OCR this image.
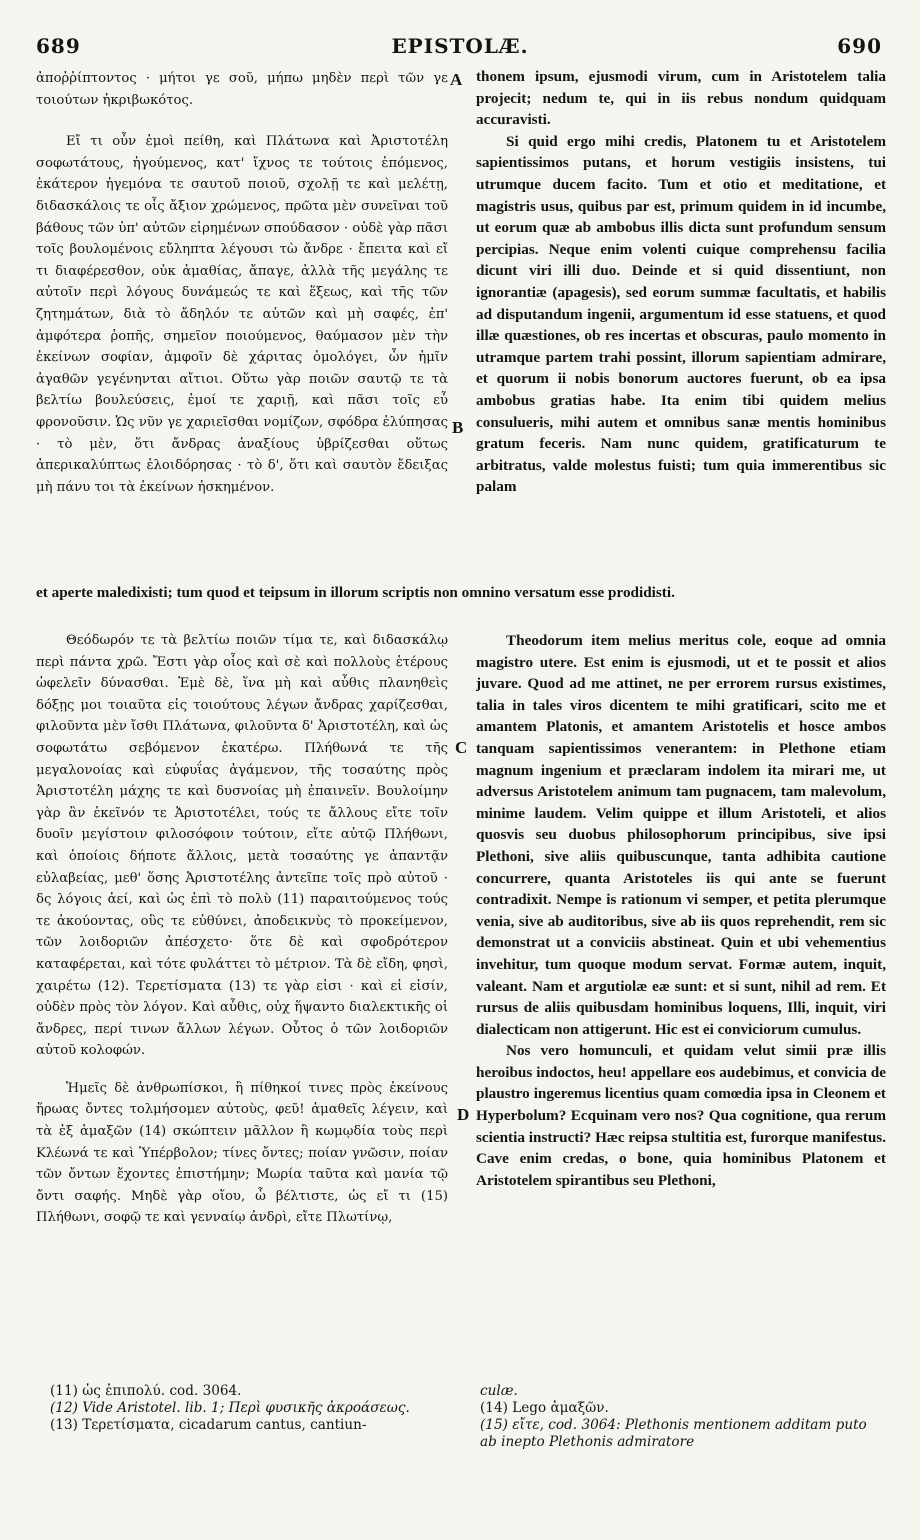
689	EPISTOLÆ.	690
A
B
C
D

ἀποῤῥίπτοντος · μήτοι γε σοῦ, μήπω μηδὲν περὶ τῶν γε τοιούτων ἠκριβωκότος.

Εἴ τι οὖν ἐμοὶ πείθη, καὶ Πλάτωνα καὶ Ἀριστοτέλη σοφωτάτους, ἡγούμενος, κατ' ἴχνος τε τούτοις ἑπόμενος, ἑκάτερον ἡγεμόνα τε σαυτοῦ ποιοῦ, σχολῇ τε καὶ μελέτῃ, διδασκάλοις τε οἷς ἄξιον χρώμενος, πρῶτα μὲν συνεῖναι τοῦ βάθους τῶν ὑπ' αὐτῶν εἰρημένων σπούδασον · οὐδὲ γὰρ πᾶσι τοῖς βουλομένοις εὔληπτα λέγουσι τὼ ἄνδρε · ἔπειτα καὶ εἴ τι διαφέρεσθον, οὐκ ἀμαθίας, ἄπαγε, ἀλλὰ τῆς μεγάλης τε αὐτοῖν περὶ λόγους δυνάμεώς τε καὶ ἕξεως, καὶ τῆς τῶν ζητημάτων, διὰ τὸ ἄδηλόν τε αὐτῶν καὶ μὴ σαφές, ἐπ' ἀμφότερα ῥοπῆς, σημεῖον ποιούμενος, θαύμασον μὲν τὴν ἐκείνων σοφίαν, ἀμφοῖν δὲ χάριτας ὁμολόγει, ὧν ἡμῖν ἀγαθῶν γεγένηνται αἴτιοι. Οὕτω γὰρ ποιῶν σαυτῷ τε τὰ βελτίω βουλεύσεις, ἐμοί τε χαριῇ, καὶ πᾶσι τοῖς εὖ φρονοῦσιν. Ὡς νῦν γε χαριεῖσθαι νομίζων, σφόδρα ἐλύπησας · τὸ μὲν, ὅτι ἄνδρας ἀναξίους ὑβρίζεσθαι οὕτως ἀπερικαλύπτως ἐλοιδόρησας · τὸ δ', ὅτι καὶ σαυτὸν ἔδειξας μὴ πάνυ τοι τὰ ἐκείνων ἠσκημένον.

thonem ipsum, ejusmodi virum, cum in Aristotelem talia projecit; nedum te, qui in iis rebus nondum quidquam accuravisti.

Si quid ergo mihi credis, Platonem tu et Aristotelem sapientissimos putans, et horum vestigiis insistens, tui utrumque ducem facito. Tum et otio et meditatione, et magistris usus, quibus par est, primum quidem in id incumbe, ut eorum quæ ab ambobus illis dicta sunt profundum sensum percipias. Neque enim volenti cuique comprehensu facilia dicunt viri illi duo. Deinde et si quid dissentiunt, non ignorantiæ (apagesis), sed eorum summæ facultatis, et habilis ad disputandum ingenii, argumentum id esse statuens, et quod illæ quæstiones, ob res incertas et obscuras, paulo momento in utramque partem trahi possint, illorum sapientiam admirare, et quorum ii nobis bonorum auctores fuerunt, ob ea ipsa ambobus gratias habe. Ita enim tibi quidem melius consulueris, mihi autem et omnibus sanæ mentis hominibus gratum feceris. Nam nunc quidem, gratificaturum te arbitratus, valde molestus fuisti; tum quia immerentibus sic palam

et aperte maledixisti; tum quod et teipsum in illorum scriptis non omnino versatum esse prodidisti.

Θεόδωρόν τε τὰ βελτίω ποιῶν τίμα τε, καὶ διδασκάλῳ περὶ πάντα χρῶ. Ἔστι γὰρ οἷος καὶ σὲ καὶ πολλοὺς ἑτέρους ὠφελεῖν δύνασθαι. Ἐμὲ δὲ, ἵνα μὴ καὶ αὖθις πλανηθεὶς δόξῃς μοι τοιαῦτα εἰς τοιούτους λέγων ἄνδρας χαρίζεσθαι, φιλοῦντα μὲν ἴσθι Πλάτωνα, φιλοῦντα δ' Ἀριστοτέλη, καὶ ὡς σοφωτάτω σεβόμενον ἑκατέρω. Πλήθωνά τε τῆς μεγαλονοίας καὶ εὐφυΐας ἀγάμενον, τῆς τοσαύτης πρὸς Ἀριστοτέλη μάχης τε καὶ δυσνοίας μὴ ἐπαινεῖν. Βουλοίμην γὰρ ἂν ἐκεῖνόν τε Ἀριστοτέλει, τούς τε ἄλλους εἴτε τοῖν δυοῖν μεγίστοιν φιλοσόφοιν τούτοιν, εἴτε αὐτῷ Πλήθωνι, καὶ ὁποίοις δήποτε ἄλλοις, μετὰ τοσαύτης γε ἀπαντᾷν εὐλαβείας, μεθ' ὅσης Ἀριστοτέλης ἀντεῖπε τοῖς πρὸ αὐτοῦ · δς λόγοις ἀεί, καὶ ὡς ἐπὶ τὸ πολὺ (11) παραιτούμενος τούς τε ἀκούοντας, οὓς τε εὐθύνει, ἀποδεικνὺς τὸ προκείμενον, τῶν λοιδοριῶν ἀπέσχετο· ὅτε δὲ καὶ σφοδρότερον καταφέρεται, καὶ τότε φυλάττει τὸ μέτριον. Τὰ δὲ εἴδη, φησὶ, χαιρέτω (12). Τερετίσματα (13) τε γὰρ εἰσι · καὶ εἰ εἰσίν, οὐδὲν πρὸς τὸν λόγον. Καὶ αὖθις, οὐχ ἥψαντο διαλεκτικῆς οἱ ἄνδρες, περί τινων ἄλλων λέγων. Οὗτος ὁ τῶν λοιδοριῶν αὐτοῦ κολοφών.

Ἡμεῖς δὲ ἀνθρωπίσκοι, ἢ πίθηκοί τινες πρὸς ἐκείνους ἥρωας ὄντες τολμήσομεν αὐτοὺς, φεῦ! ἀμαθεῖς λέγειν, καὶ τὰ ἐξ ἁμαξῶν (14) σκώπτειν μᾶλλον ἢ κωμῳδία τοὺς περὶ Κλέωνά τε καὶ Ὑπέρβολον; τίνες ὄντες; ποίαν γνῶσιν, ποίαν τῶν ὄντων ἔχοντες ἐπιστήμην; Μωρία ταῦτα καὶ μανία τῷ ὄντι σαφής. Μηδὲ γὰρ οἴου, ὦ βέλτιστε, ὡς εἴ τι (15) Πλήθωνι, σοφῷ τε καὶ γενναίῳ ἀνδρὶ, εἴτε Πλωτίνῳ,

Theodorum item melius meritus cole, eoque ad omnia magistro utere. Est enim is ejusmodi, ut et te possit et alios juvare. Quod ad me attinet, ne per errorem rursus existimes, talia in tales viros dicentem te mihi gratificari, scito me et amantem Platonis, et amantem Aristotelis et hosce ambos tanquam sapientissimos venerantem: in Plethone etiam magnum ingenium et præclaram indolem ita mirari me, ut adversus Aristotelem animum tam pugnacem, tam malevolum, minime laudem. Velim quippe et illum Aristoteli, et alios quosvis seu duobus philosophorum principibus, sive ipsi Plethoni, sive aliis quibuscunque, tanta adhibita cautione concurrere, quanta Aristoteles iis qui ante se fuerunt contradixit. Nempe is rationum vi semper, et petita plerumque venia, sive ab auditoribus, sive ab iis quos reprehendit, rem sic demonstrat ut a conviciis abstineat. Quin et ubi vehementius invehitur, tum quoque modum servat. Formæ autem, inquit, valeant. Nam et argutiolæ eæ sunt: et si sunt, nihil ad rem. Et rursus de aliis quibusdam hominibus loquens, Illi, inquit, viri dialecticam non attigerunt. Hic est ei conviciorum cumulus.

Nos vero homunculi, et quidam velut simii præ illis heroibus indoctos, heu! appellare eos audebimus, et convicia de plaustro ingeremus licentius quam comœdia ipsa in Cleonem et Hyperbolum? Ecquinam vero nos? Qua cognitione, qua rerum scientia instructi? Hæc reipsa stultitia est, furorque manifestus. Cave enim credas, o bone, quia hominibus Platonem et Aristotelem spirantibus seu Plethoni,

(11) ὡς ἐπιπολύ. cod. 3064.

(12) Vide Aristotel. lib. 1; Περὶ φυσικῆς ἀκροάσεως.

(13) Τερετίσματα, cicadarum cantus, cantiun-

culæ.

(14) Lego ἀμαξῶν.

(15) εἴτε, cod. 3064: Plethonis mentionem additam puto ab inepto Plethonis admiratore
